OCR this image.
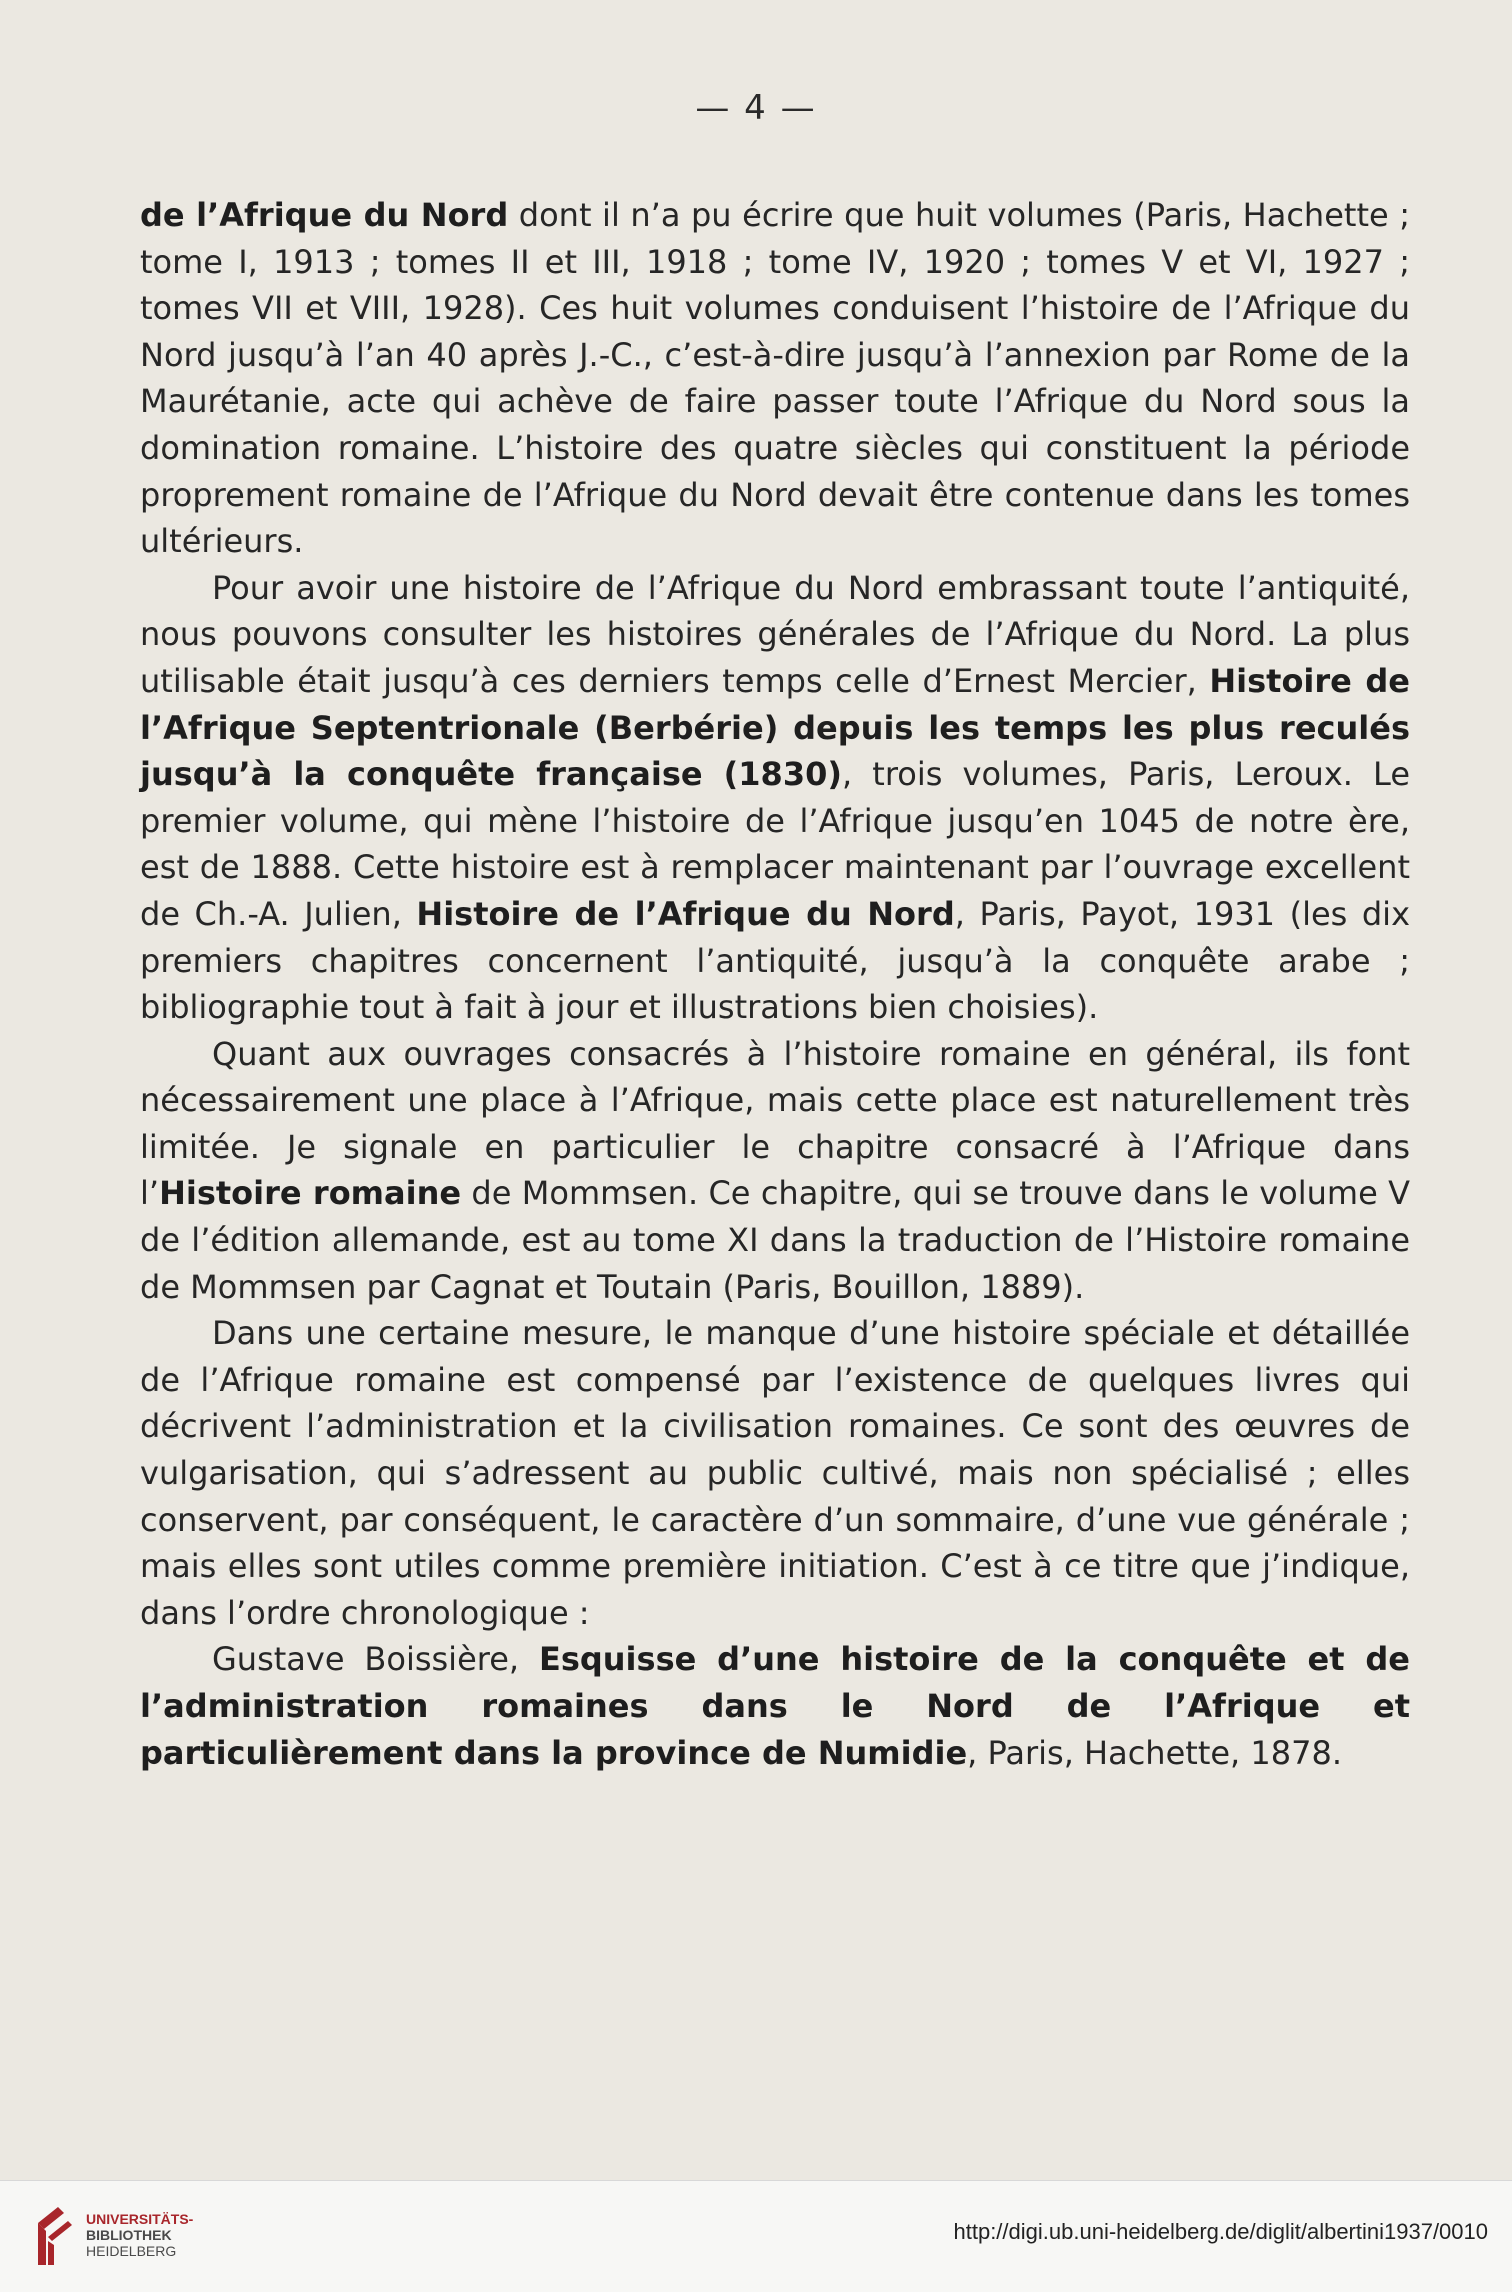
— 4 —

de l’Afrique du Nord dont il n’a pu écrire que huit volumes (Paris, Hachette ; tome I, 1913 ; tomes II et III, 1918 ; tome IV, 1920 ; tomes V et VI, 1927 ; tomes VII et VIII, 1928). Ces huit volumes conduisent l’histoire de l’Afrique du Nord jusqu’à l’an 40 après J.-C., c’est-à-dire jusqu’à l’annexion par Rome de la Maurétanie, acte qui achève de faire passer toute l’Afrique du Nord sous la domination romaine. L’histoire des quatre siècles qui constituent la période proprement romaine de l’Afrique du Nord devait être contenue dans les tomes ultérieurs.

Pour avoir une histoire de l’Afrique du Nord embrassant toute l’antiquité, nous pouvons consulter les histoires générales de l’Afrique du Nord. La plus utilisable était jusqu’à ces derniers temps celle d’Ernest Mercier, Histoire de l’Afrique Septentrionale (Berbérie) depuis les temps les plus reculés jusqu’à la conquête française (1830), trois volumes, Paris, Leroux. Le premier volume, qui mène l’histoire de l’Afrique jusqu’en 1045 de notre ère, est de 1888. Cette histoire est à remplacer maintenant par l’ouvrage excellent de Ch.-A. Julien, Histoire de l’Afrique du Nord, Paris, Payot, 1931 (les dix premiers chapitres concernent l’antiquité, jusqu’à la conquête arabe ; bibliographie tout à fait à jour et illustrations bien choisies).

Quant aux ouvrages consacrés à l’histoire romaine en général, ils font nécessairement une place à l’Afrique, mais cette place est naturellement très limitée. Je signale en particulier le chapitre consacré à l’Afrique dans l’Histoire romaine de Mommsen. Ce chapitre, qui se trouve dans le volume V de l’édition allemande, est au tome XI dans la traduction de l’Histoire romaine de Mommsen par Cagnat et Toutain (Paris, Bouillon, 1889).

Dans une certaine mesure, le manque d’une histoire spéciale et détaillée de l’Afrique romaine est compensé par l’existence de quelques livres qui décrivent l’administration et la civilisation romaines. Ce sont des œuvres de vulgarisation, qui s’adressent au public cultivé, mais non spécialisé ; elles conservent, par conséquent, le caractère d’un sommaire, d’une vue générale ; mais elles sont utiles comme première initiation. C’est à ce titre que j’indique, dans l’ordre chronologique :

Gustave Boissière, Esquisse d’une histoire de la conquête et de l’administration romaines dans le Nord de l’Afrique et particulièrement dans la province de Numidie, Paris, Hachette, 1878.

UNIVERSITÄTS-
BIBLIOTHEK
HEIDELBERG
http://digi.ub.uni-heidelberg.de/diglit/albertini1937/0010
